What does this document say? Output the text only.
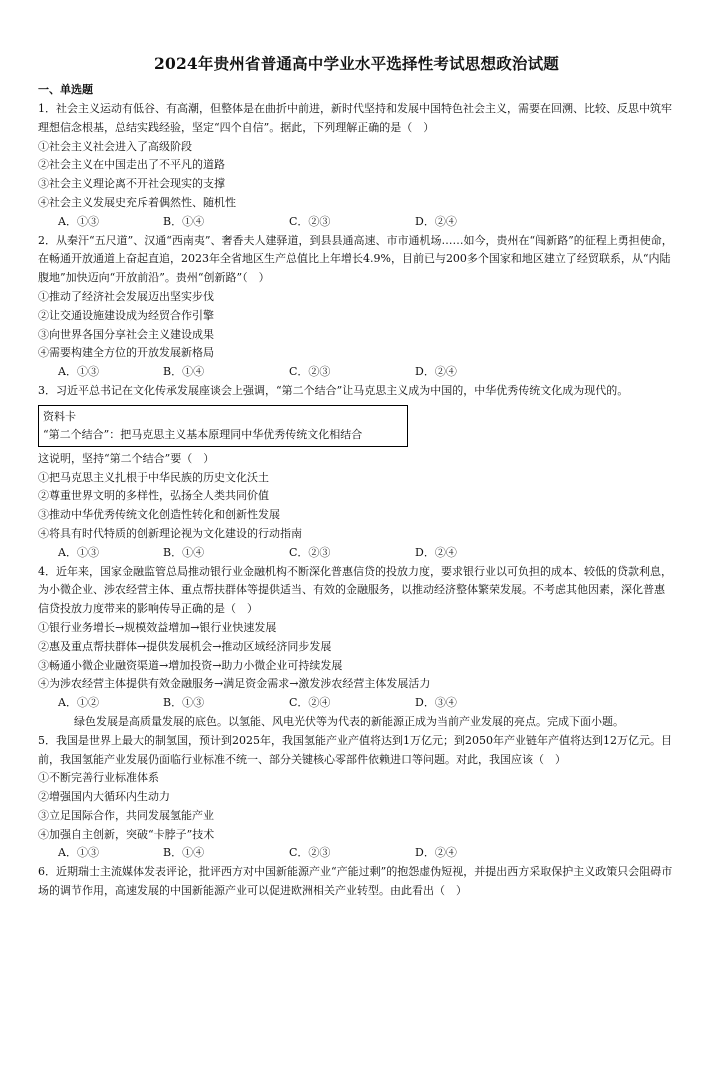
2024年贵州省普通高中学业水平选择性考试思想政治试题
一、单选题

1．社会主义运动有低谷、有高潮，但整体是在曲折中前进，新时代坚持和发展中国特色社会主义，需要在回溯、比较、反思中筑牢理想信念根基，总结实践经验，坚定“四个自信”。据此，下列理解正确的是（　）

①社会主义社会进入了高级阶段

②社会主义在中国走出了不平凡的道路

③社会主义理论离不开社会现实的支撑

④社会主义发展史充斥着偶然性、随机性

A．①③	B．①④	C．②③	D．②④

2．从秦汗“五尺道”、汉通“西南夷”、奢香夫人建驿道，到县县通高速、市市通机场……如今，贵州在“闯新路”的征程上勇担使命，在畅通开放通道上奋起直追，2023年全省地区生产总值比上年增长4.9%，目前已与200多个国家和地区建立了经贸联系，从“内陆腹地”加快迈向“开放前沿”。贵州“创新路”（　）

①推动了经济社会发展迈出坚实步伐

②让交通设施建设成为经贸合作引擎

③向世界各国分享社会主义建设成果

④需要构建全方位的开放发展新格局

A．①③	B．①④	C．②③	D．②④

3．习近平总书记在文化传承发展座谈会上强调，“第二个结合”让马克思主义成为中国的，中华优秀传统文化成为现代的。

资料卡
“第二个结合”：把马克思主义基本原理同中华优秀传统文化相结合

这说明，坚持“第二个结合”要（　）

①把马克思主义扎根于中华民族的历史文化沃土

②尊重世界文明的多样性，弘扬全人类共同价值

③推动中华优秀传统文化创造性转化和创新性发展

④将具有时代特质的创新理论视为文化建设的行动指南

A．①③	B．①④	C．②③	D．②④

4．近年来，国家金融监管总局推动银行业金融机构不断深化普惠信贷的投放力度，要求银行业以可负担的成本、较低的贷款利息，为小微企业、涉农经营主体、重点帮扶群体等提供适当、有效的金融服务，以推动经济整体繁荣发展。不考虑其他因素，深化普惠信贷投放力度带来的影响传导正确的是（　）

①银行业务增长→规模效益增加→银行业快速发展

②惠及重点帮扶群体→提供发展机会→推动区域经济同步发展

③畅通小微企业融资渠道→增加投资→助力小微企业可持续发展

④为涉农经营主体提供有效金融服务→满足资金需求→激发涉农经营主体发展活力

A．①②	B．①③	C．②④	D．③④

绿色发展是高质量发展的底色。以氢能、风电光伏等为代表的新能源正成为当前产业发展的亮点。完成下面小题。

5．我国是世界上最大的制氢国，预计到2025年，我国氢能产业产值将达到1万亿元；到2050年产业链年产值将达到12万亿元。目前，我国氢能产业发展仍面临行业标准不统一、部分关键核心零部件依赖进口等问题。对此，我国应该（　）

①不断完善行业标准体系

②增强国内大循环内生动力

③立足国际合作，共同发展氢能产业

④加强自主创新，突破“卡脖子”技术

A．①③	B．①④	C．②③	D．②④

6．近期瑞士主流媒体发表评论，批评西方对中国新能源产业“产能过剩”的抱怨虚伪短视，并提出西方采取保护主义政策只会阻碍市场的调节作用，高速发展的中国新能源产业可以促进欧洲相关产业转型。由此看出（　）
